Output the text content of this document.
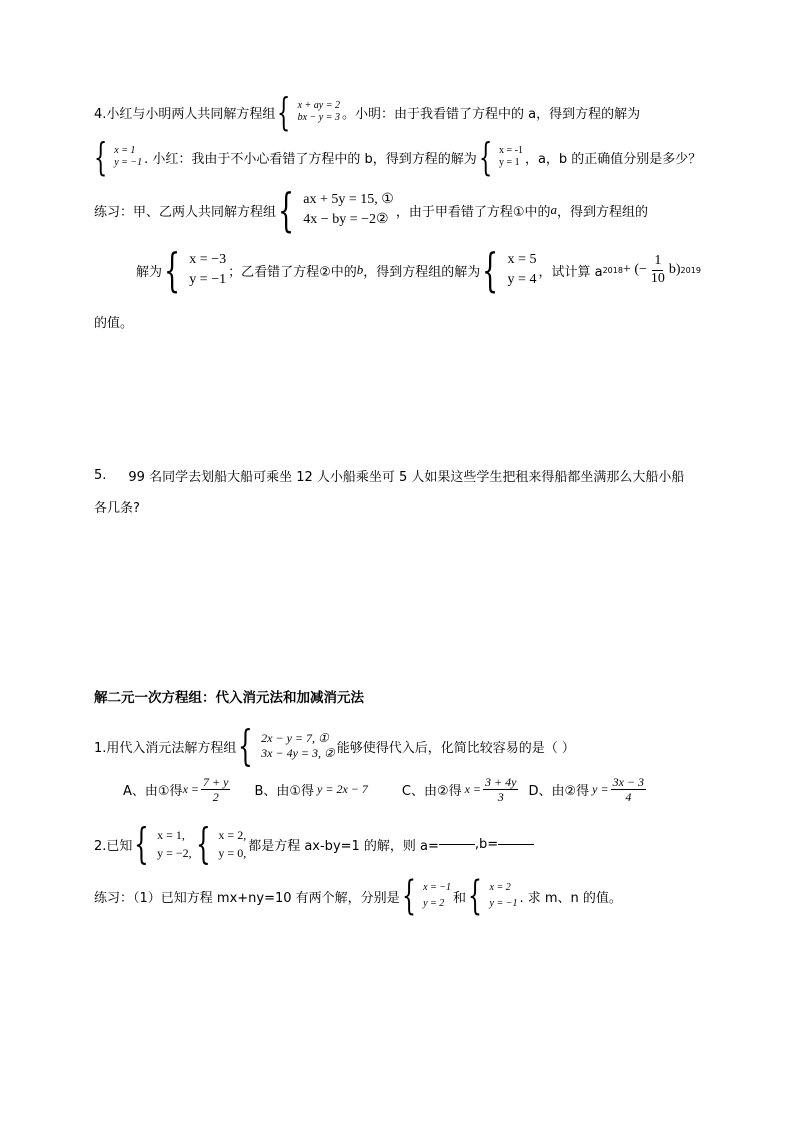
4.小红与小明两人共同解方程组 { x + ay = 2
bx − y = 3 。小明：由于我看错了方程中的 a，得到方程的解为
{ x = 1
y = −1 . 小红：我由于不小心看错了方程中的 b，得到方程的解为 { x = -1
y = 1 ，a，b 的正确值分别是多少？
练习：甲、乙两人共同解方程组 { ax + 5y = 15, ①
4x − by = −2② ，由于甲看错了方程①中的 a ，得到方程组的
解为 { x = −3
y = −1 ；乙看错了方程②中的 b ，得到方程组的解为 { x = 5
y = 4 ，试计算 a 2018 + (− $\frac{1}{10} b$) 2019
的值。
5. 99 名同学去划船大船可乘坐 12 人小船乘坐可 5 人如果这些学生把租来得船都坐满那么大船小船
各几条?
解二元一次方程组：代入消元法和加减消元法
1.用代入消元法解方程组 { 2x − y = 7, ①
3x − 4y = 3, ② 能够使得代入后，化简比较容易的是（ ）
A、由①得 $x = \frac{7 + y}{2}$ B、由①得 y = 2x − 7	C、由②得 $x = \frac{3 + 4y}{3}$ D、由②得 $y = \frac{3x - 3}{4}$
2.已知 { x = 1,
y = −2, { x = 2,
y = 0, 都是方程 ax-by=1 的解，则 a=	,b=
练习：（1）已知方程 mx+ny=10 有两个解，分别是 { x = −1
y = 2 和 { x = 2
y = −1 . 求 m、n 的值。
